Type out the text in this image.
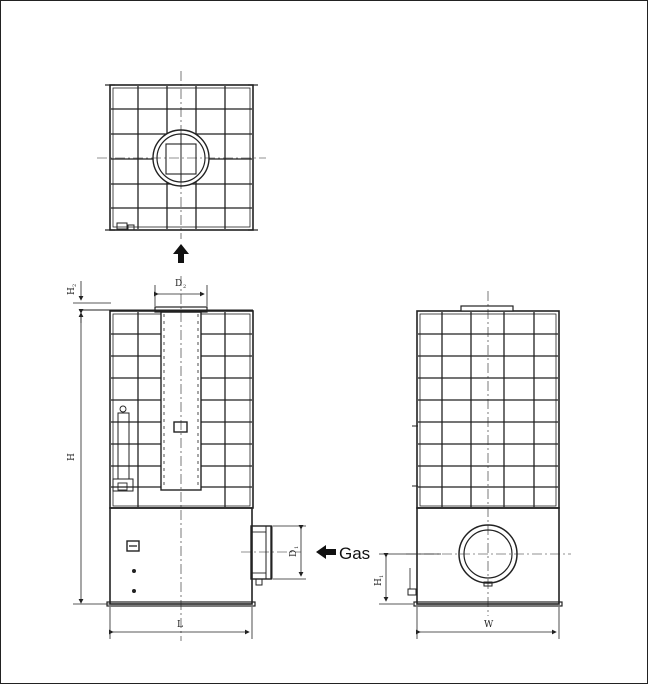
Gas
D 2
D
1
H
2
H
H
1
L	W
